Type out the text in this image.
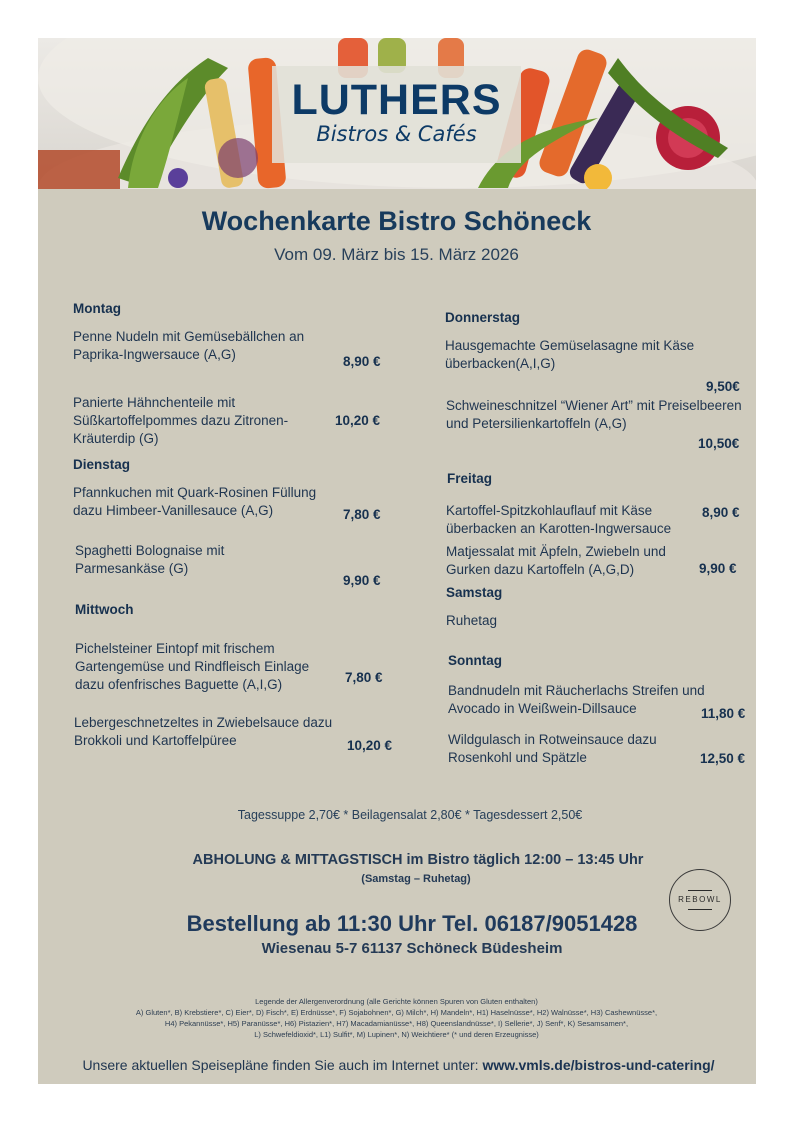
LUTHERS
Bistros & Cafés
Wochenkarte Bistro Schöneck
Vom 09. März bis 15. März 2026
Montag
Penne Nudeln mit Gemüsebällchen an Paprika-Ingwersauce (A,G)	8,90 €
Panierte Hähnchenteile mit Süßkartoffelpommes dazu Zitronen-Kräuterdip (G)
10,20 €
Dienstag
Pfannkuchen mit Quark-Rosinen Füllung dazu Himbeer-Vanillesauce (A,G)	7,80 €
Spaghetti Bolognaise mit Parmesankäse (G)
9,90 €
Mittwoch
Pichelsteiner Eintopf mit frischem Gartengemüse und Rindfleisch Einlage dazu ofenfrisches Baguette (A,I,G)	7,80 €
Lebergeschnetzeltes in Zwiebelsauce dazu Brokkoli und Kartoffelpüree	10,20 €
Donnerstag
Hausgemachte Gemüselasagne mit Käse überbacken(A,I,G)
9,50€
Schweineschnitzel “Wiener Art” mit Preiselbeeren und Petersilienkartoffeln (A,G)
10,50€
Freitag
Kartoffel-Spitzkohlauflauf mit Käse überbacken an Karotten-Ingwersauce
8,90 €
Matjessalat mit Äpfeln, Zwiebeln und Gurken dazu Kartoffeln (A,G,D)	9,90 €
Samstag
Ruhetag
Sonntag
Bandnudeln mit Räucherlachs Streifen und Avocado in Weißwein-Dillsauce	11,80 €
Wildgulasch in Rotweinsauce dazu Rosenkohl und Spätzle	12,50 €
Tagessuppe 2,70€ * Beilagensalat 2,80€ * Tagesdessert 2,50€
ABHOLUNG & MITTAGSTISCH im Bistro täglich 12:00 – 13:45 Uhr
(Samstag – Ruhetag)
REBOWL
Bestellung ab 11:30 Uhr Tel. 06187/9051428
Wiesenau 5-7 61137 Schöneck Büdesheim
Legende der Allergenverordnung (alle Gerichte können Spuren von Gluten enthalten)
A) Gluten*, B) Krebstiere*, C) Eier*, D) Fisch*, E) Erdnüsse*, F) Sojabohnen*, G) Milch*, H) Mandeln*, H1) Haselnüsse*, H2) Walnüsse*, H3) Cashewnüsse*,
H4) Pekannüsse*, H5) Paranüsse*, H6) Pistazien*, H7) Macadamianüsse*, H8) Queenslandnüsse*, I) Sellerie*, J) Senf*, K) Sesamsamen*,
L) Schwefeldioxid*, L1) Sulfit*, M) Lupinen*, N) Weichtiere* (* und deren Erzeugnisse)
Unsere aktuellen Speisepläne finden Sie auch im Internet unter: www.vmls.de/bistros-und-catering/
